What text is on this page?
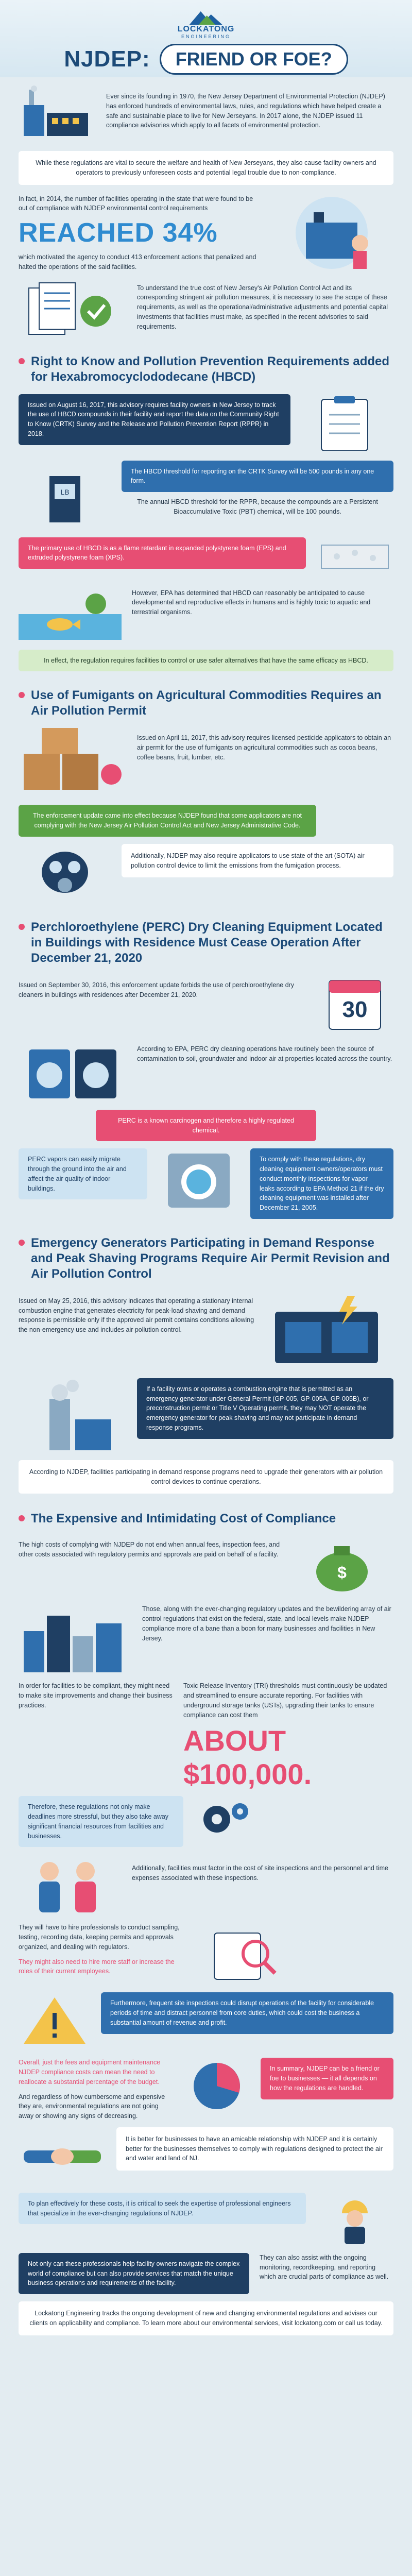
LOCKATONG
ENGINEERING
NJDEP:	FRIEND OR FOE?
Ever since its founding in 1970, the New Jersey Department of Environmental Protection (NJDEP) has enforced hundreds of environmental laws, rules, and regulations which have helped create a safe and sustainable place to live for New Jerseyans. In 2017 alone, the NJDEP issued 11 compliance advisories which apply to all facets of environmental protection.
While these regulations are vital to secure the welfare and health of New Jerseyans, they also cause facility owners and operators to previously unforeseen costs and potential legal trouble due to non-compliance.
In fact, in 2014, the number of facilities operating in the state that were found to be out of compliance with NJDEP environmental control requirements
REACHED 34%
which motivated the agency to conduct 413 enforcement actions that penalized and halted the operations of the said facilities.
To understand the true cost of New Jersey's Air Pollution Control Act and its corresponding stringent air pollution measures, it is necessary to see the scope of these requirements, as well as the operational/administrative adjustments and potential capital investments that facilities must make, as specified in the recent advisories to said requirements.
Right to Know and Pollution Prevention Requirements added for Hexabromocyclododecane (HBCD)
Issued on August 16, 2017, this advisory requires facility owners in New Jersey to track the use of HBCD compounds in their facility and report the data on the Community Right to Know (CRTK) Survey and the Release and Pollution Prevention Report (RPPR) in 2018.
LB
The HBCD threshold for reporting on the CRTK Survey will be 500 pounds in any one form.
The annual HBCD threshold for the RPPR, because the compounds are a Persistent Bioaccumulative Toxic (PBT) chemical, will be 100 pounds.
The primary use of HBCD is as a flame retardant in expanded polystyrene foam (EPS) and extruded polystyrene foam (XPS).
However, EPA has determined that HBCD can reasonably be anticipated to cause developmental and reproductive effects in humans and is highly toxic to aquatic and terrestrial organisms.
In effect, the regulation requires facilities to control or use safer alternatives that have the same efficacy as HBCD.
Use of Fumigants on Agricultural Commodities Requires an Air Pollution Permit
Issued on April 11, 2017, this advisory requires licensed pesticide applicators to obtain an air permit for the use of fumigants on agricultural commodities such as cocoa beans, coffee beans, fruit, lumber, etc.
The enforcement update came into effect because NJDEP found that some applicators are not complying with the New Jersey Air Pollution Control Act and New Jersey Administrative Code.
Additionally, NJDEP may also require applicators to use state of the art (SOTA) air pollution control device to limit the emissions from the fumigation process.
Perchloroethylene (PERC) Dry Cleaning Equipment Located in Buildings with Residence Must Cease Operation After December 21, 2020
Issued on September 30, 2016, this enforcement update forbids the use of perchloroethylene dry cleaners in buildings with residences after December 21, 2020.
30
According to EPA, PERC dry cleaning operations have routinely been the source of contamination to soil, groundwater and indoor air at properties located across the country.
PERC is a known carcinogen and therefore a highly regulated chemical.
PERC vapors can easily migrate through the ground into the air and affect the air quality of indoor buildings.
To comply with these regulations, dry cleaning equipment owners/operators must conduct monthly inspections for vapor leaks according to EPA Method 21 if the dry cleaning equipment was installed after December 21, 2005.
Emergency Generators Participating in Demand Response and Peak Shaving Programs Require Air Permit Revision and Air Pollution Control
Issued on May 25, 2016, this advisory indicates that operating a stationary internal combustion engine that generates electricity for peak-load shaving and demand response is permissible only if the approved air permit contains conditions allowing the non-emergency use and includes air pollution control.
If a facility owns or operates a combustion engine that is permitted as an emergency generator under General Permit (GP-005, GP-005A, GP-005B), or preconstruction permit or Title V Operating permit, they may NOT operate the emergency generator for peak shaving and may not participate in demand response programs.
According to NJDEP, facilities participating in demand response programs need to upgrade their generators with air pollution control devices to continue operations.
The Expensive and Intimidating Cost of Compliance
The high costs of complying with NJDEP do not end when annual fees, inspection fees, and other costs associated with regulatory permits and approvals are paid on behalf of a facility.
$
Those, along with the ever-changing regulatory updates and the bewildering array of air control regulations that exist on the federal, state, and local levels make NJDEP compliance more of a bane than a boon for many businesses and facilities in New Jersey.
In order for facilities to be compliant, they might need to make site improvements and change their business practices.
Toxic Release Inventory (TRI) thresholds must continuously be updated and streamlined to ensure accurate reporting. For facilities with underground storage tanks (USTs), upgrading their tanks to ensure compliance can cost them
ABOUT $100,000.
Therefore, these regulations not only make deadlines more stressful, but they also take away significant financial resources from facilities and businesses.
Additionally, facilities must factor in the cost of site inspections and the personnel and time expenses associated with these inspections.
They will have to hire professionals to conduct sampling, testing, recording data, keeping permits and approvals organized, and dealing with regulators.
They might also need to hire more staff or increase the roles of their current employees.
Furthermore, frequent site inspections could disrupt operations of the facility for considerable periods of time and distract personnel from core duties, which could cost the business a substantial amount of revenue and profit.
Overall, just the fees and equipment maintenance NJDEP compliance costs can mean the need to reallocate a substantial percentage of the budget.
And regardless of how cumbersome and expensive they are, environmental regulations are not going away or showing any signs of decreasing.
In summary, NJDEP can be a friend or foe to businesses — it all depends on how the regulations are handled.
It is better for businesses to have an amicable relationship with NJDEP and it is certainly better for the businesses themselves to comply with regulations designed to protect the air and water and land of NJ.
To plan effectively for these costs, it is critical to seek the expertise of professional engineers that specialize in the ever-changing regulations of NJDEP.
Not only can these professionals help facility owners navigate the complex world of compliance but can also provide services that match the unique business operations and requirements of the facility.
They can also assist with the ongoing monitoring, recordkeeping, and reporting which are crucial parts of compliance as well.
Lockatong Engineering tracks the ongoing development of new and changing environmental regulations and advises our clients on applicability and compliance. To learn more about our environmental services, visit lockatong.com or call us today.
